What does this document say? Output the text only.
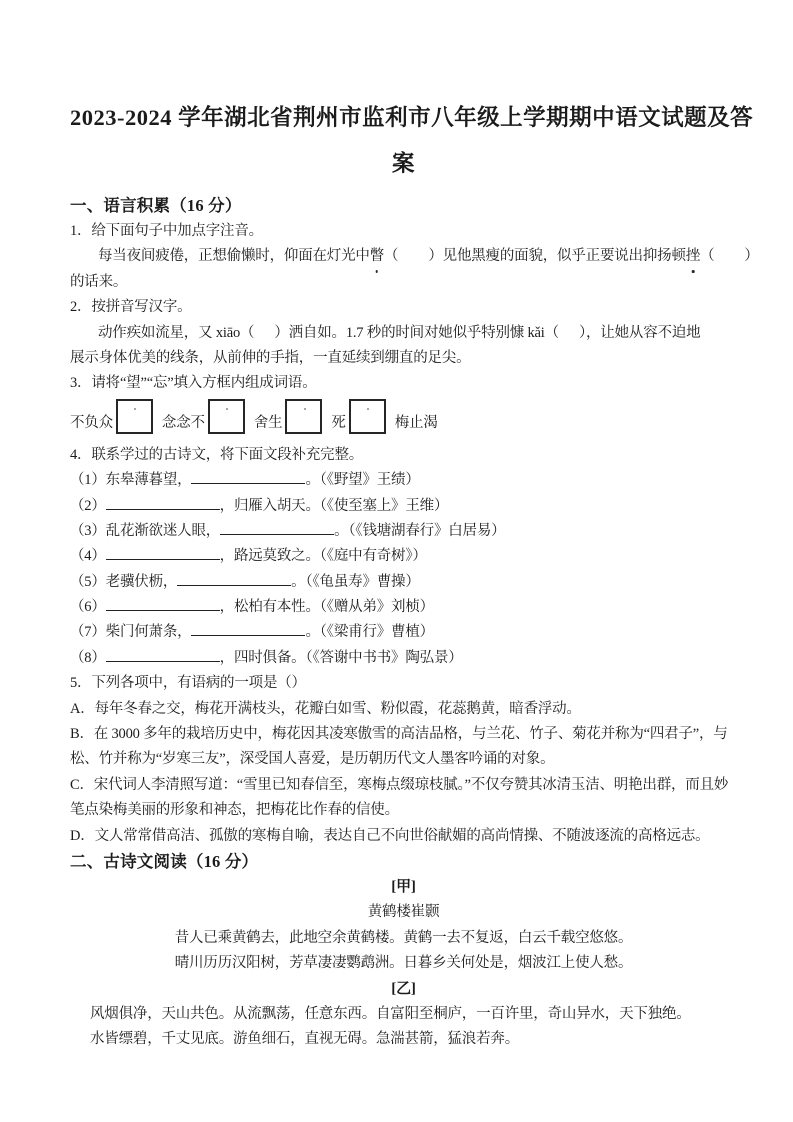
2023-2024 学年湖北省荆州市监利市八年级上学期期中语文试题及答
案
一、语言积累（16 分）
1．给下面句子中加点字注音。
每当夜间疲倦，正想偷懒时，仰面在灯光中瞥（ ）见他黑瘦的面貌，似乎正要说出抑扬顿挫（ ）
的话来。
2．按拼音写汉字。
动作疾如流星，又 xiāo（ ）洒自如。1.7 秒的时间对她似乎特别慷 kǎi（ ），让她从容不迫地
展示身体优美的线条，从前伸的手指，一直延续到绷直的足尖。
3．请将“望”“忘”填入方框内组成词语。
不负众	念念不	舍生	死	梅止渴
4．联系学过的古诗文，将下面文段补充完整。
（1）东皋薄暮望，	。（《野望》王绩）
（2）	，归雁入胡天。（《使至塞上》王维）
（3）乱花渐欲迷人眼，	。（《钱塘湖春行》白居易）
（4）	，路远莫致之。（《庭中有奇树》）
（5）老骥伏枥，	。（《龟虽寿》曹操）
（6）	，松柏有本性。（《赠从弟》刘桢）
（7）柴门何萧条，	。（《梁甫行》曹植）
（8）	，四时俱备。（《答谢中书书》陶弘景）
5．下列各项中，有语病的一项是（）
A．每年冬春之交，梅花开满枝头，花瓣白如雪、粉似霞，花蕊鹅黄，暗香浮动。
B．在 3000 多年的栽培历史中，梅花因其凌寒傲雪的高洁品格，与兰花、竹子、菊花并称为“四君子”，与
松、竹并称为“岁寒三友”，深受国人喜爱，是历朝历代文人墨客吟诵的对象。
C．宋代词人李清照写道：“雪里已知春信至，寒梅点缀琼枝腻。”不仅夸赞其冰清玉洁、明艳出群，而且妙
笔点染梅美丽的形象和神态，把梅花比作春的信使。
D．文人常常借高洁、孤傲的寒梅自喻，表达自己不向世俗献媚的高尚情操、不随波逐流的高格远志。
二、古诗文阅读（16 分）
[甲]
黄鹤楼崔颢
昔人已乘黄鹤去，此地空余黄鹤楼。黄鹤一去不复返，白云千载空悠悠。
晴川历历汉阳树，芳草凄凄鹦鹉洲。日暮乡关何处是，烟波江上使人愁。
[乙]
风烟俱净，天山共色。从流飘荡，任意东西。自富阳至桐庐，一百许里，奇山异水，天下独绝。
水皆缥碧，千丈见底。游鱼细石，直视无碍。急湍甚箭，猛浪若奔。
